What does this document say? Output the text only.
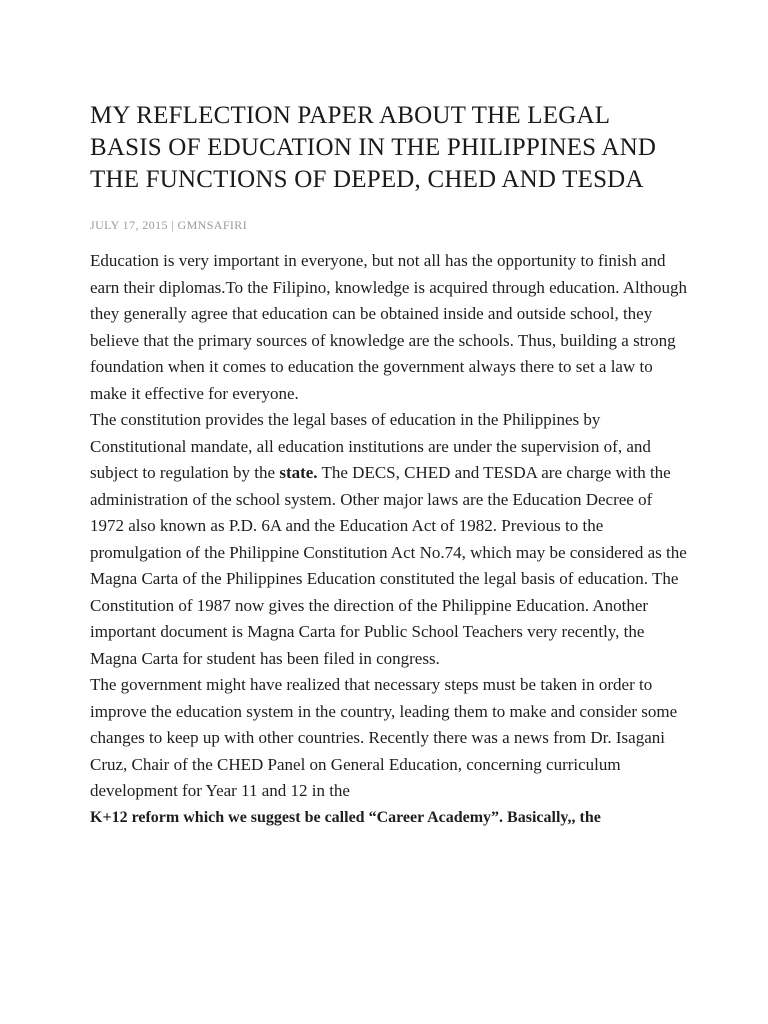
MY REFLECTION PAPER ABOUT THE LEGAL BASIS OF EDUCATION IN THE PHILIPPINES AND THE FUNCTIONS OF DEPED, CHED AND TESDA
JULY 17, 2015 | GMNSAFIRI

Education is very important in everyone, but not all has the opportunity to finish and earn their diplomas.To the Filipino, knowledge is acquired through education. Although they generally agree that education can be obtained inside and outside school, they believe that the primary sources of knowledge are the schools. Thus, building a strong foundation when it comes to education the government always there to set a law to make it effective for everyone.

The constitution provides the legal bases of education in the Philippines by Constitutional mandate, all education institutions are under the supervision of, and subject to regulation by the state. The DECS, CHED and TESDA are charge with the administration of the school system. Other major laws are the Education Decree of 1972 also known as P.D. 6A and the Education Act of 1982. Previous to the promulgation of the Philippine Constitution Act No.74, which may be considered as the Magna Carta of the Philippines Education constituted the legal basis of education. The Constitution of 1987 now gives the direction of the Philippine Education. Another important document is Magna Carta for Public School Teachers very recently, the Magna Carta for student has been filed in congress.

The government might have realized that necessary steps must be taken in order to improve the education system in the country, leading them to make and consider some changes to keep up with other countries. Recently there was a news from Dr. Isagani Cruz, Chair of the CHED Panel on General Education, concerning curriculum development for Year 11 and 12 in the

K+12 reform which we suggest be called “Career Academy”. Basically,, the
